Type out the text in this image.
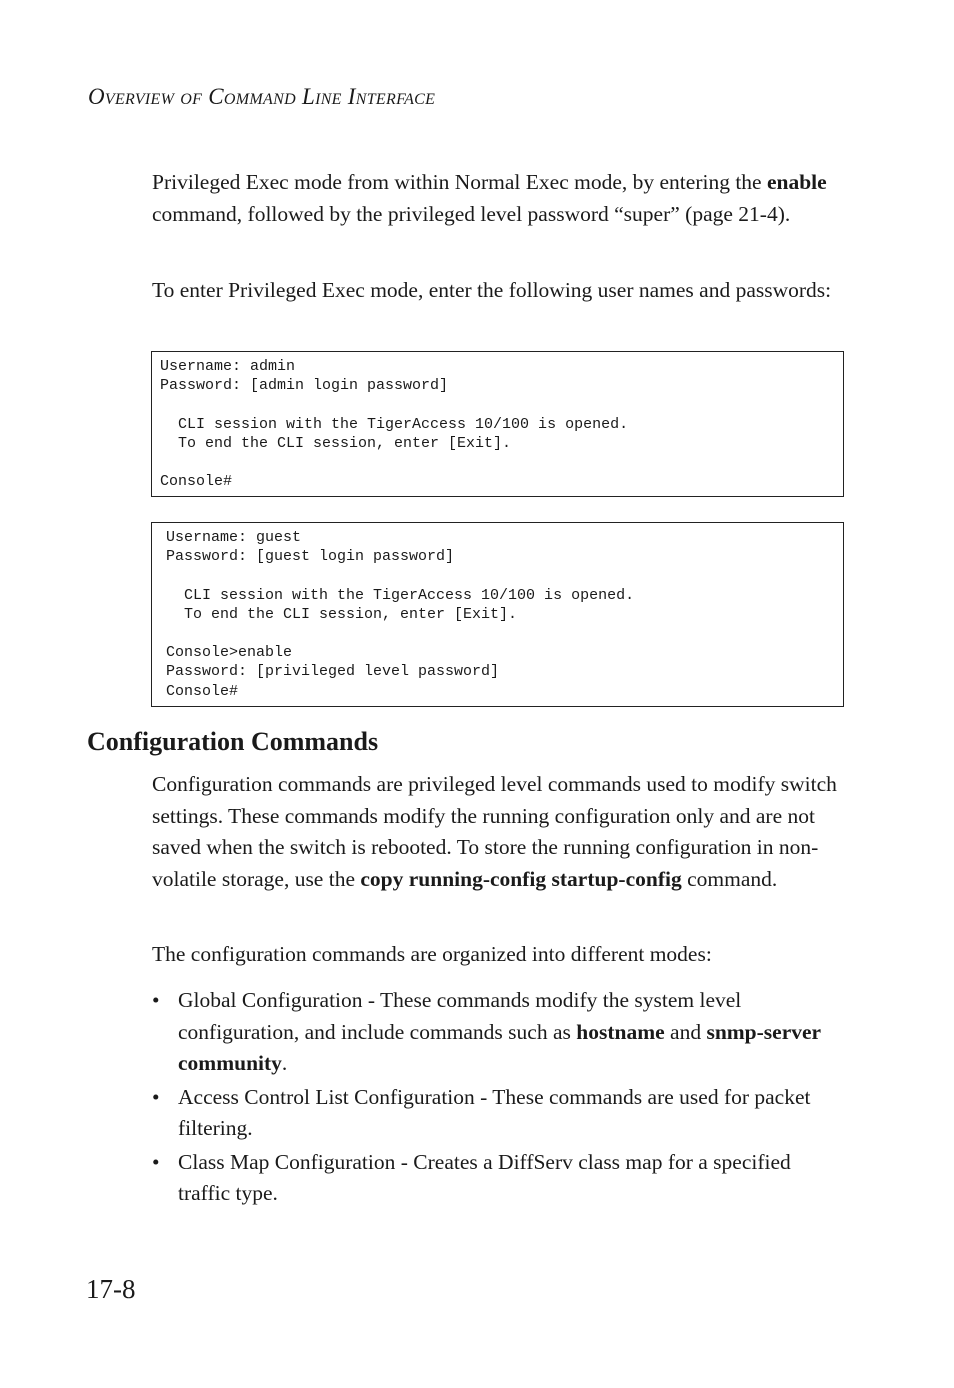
Overview of Command Line Interface

Privileged Exec mode from within Normal Exec mode, by entering the enable command, followed by the privileged level password “super” (page 21-4).

To enter Privileged Exec mode, enter the following user names and passwords:

Username: admin
Password: [admin login password]

CLI session with the TigerAccess 10/100 is opened.
To end the CLI session, enter [Exit].

Console#
Username: guest
Password: [guest login password]

CLI session with the TigerAccess 10/100 is opened.
To end the CLI session, enter [Exit].

Console>enable
Password: [privileged level password]
Console#
Configuration Commands

Configuration commands are privileged level commands used to modify switch settings. These commands modify the running configuration only and are not saved when the switch is rebooted. To store the running configuration in non-volatile storage, use the copy running-config startup-config command.

The configuration commands are organized into different modes:

• Global Configuration - These commands modify the system level configuration, and include commands such as hostname and snmp-server community.
• Access Control List Configuration - These commands are used for packet filtering.
• Class Map Configuration - Creates a DiffServ class map for a specified traffic type.
17-8
